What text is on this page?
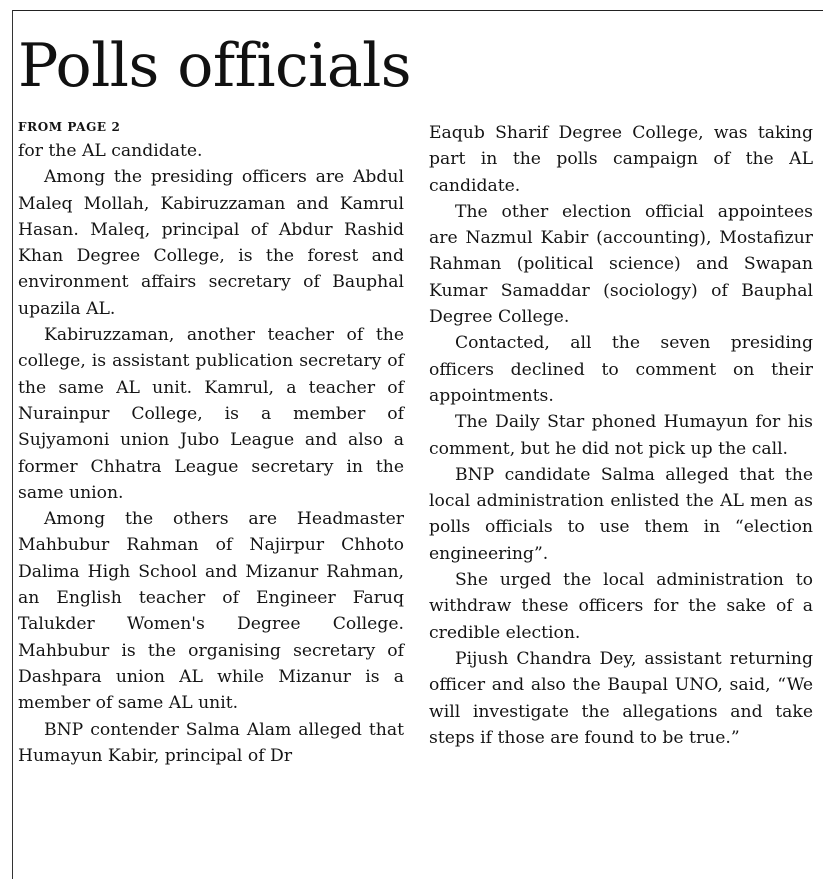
Polls officials
FROM PAGE 2

for the AL candidate.

Among the presiding officers are Abdul Maleq Mollah, Kabiruzzaman and Kamrul Hasan. Maleq, principal of Abdur Rashid Khan Degree College, is the forest and environment affairs secretary of Bauphal upazila AL.

Kabiruzzaman, another teacher of the college, is assistant publication secretary of the same AL unit. Kamrul, a teacher of Nurainpur College, is a member of Sujyamoni union Jubo League and also a former Chhatra League secretary in the same union.

Among the others are Headmaster Mahbubur Rahman of Najirpur Chhoto Dalima High School and Mizanur Rahman, an English teacher of Engineer Faruq Talukder Women's Degree College. Mahbubur is the organising secretary of Dashpara union AL while Mizanur is a member of same AL unit.

BNP contender Salma Alam alleged that Humayun Kabir, principal of Dr

Eaqub Sharif Degree College, was taking part in the polls campaign of the AL candidate.

The other election official appointees are Nazmul Kabir (accounting), Mostafizur Rahman (political science) and Swapan Kumar Samaddar (sociology) of Bauphal Degree College.

Contacted, all the seven presiding officers declined to comment on their appointments.

The Daily Star phoned Humayun for his comment, but he did not pick up the call.

BNP candidate Salma alleged that the local administration enlisted the AL men as polls officials to use them in “election engineering”.

She urged the local administration to withdraw these officers for the sake of a credible election.

Pijush Chandra Dey, assistant returning officer and also the Baupal UNO, said, “We will investigate the allegations and take steps if those are found to be true.”
